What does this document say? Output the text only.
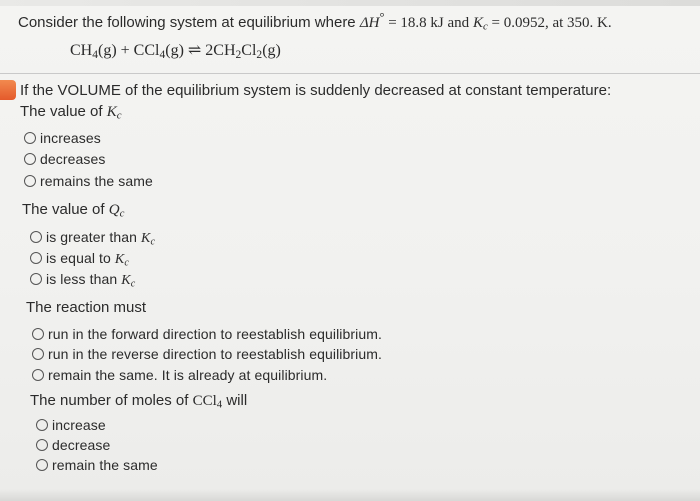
Consider the following system at equilibrium where ΔH° = 18.8 kJ and $K_c = 0.0952$, at 350. K.
$CH_4(g) + CCl_4(g)$ ⇌ $2CH_2Cl_2(g)$
If the VOLUME of the equilibrium system is suddenly decreased at constant temperature:
The value of $K_c$
increases
decreases
remains the same
The value of $Q_c$
is greater than $K_c$
is equal to $K_c$
is less than $K_c$
The reaction must
run in the forward direction to reestablish equilibrium.
run in the reverse direction to reestablish equilibrium.
remain the same. It is already at equilibrium.
The number of moles of CCl$_4$ will
increase
decrease
remain the same
